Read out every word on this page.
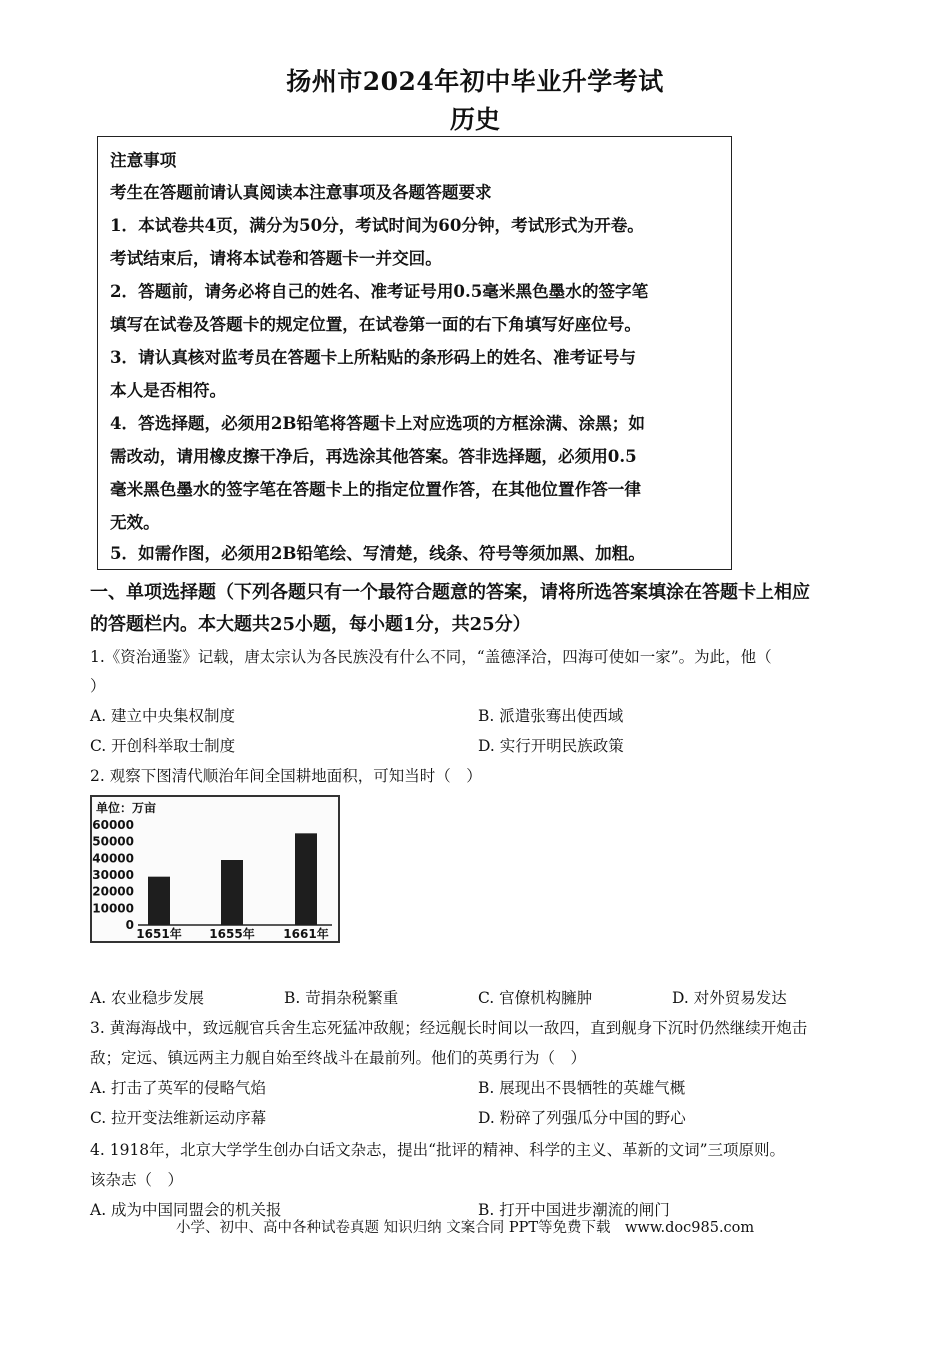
扬州市2024年初中毕业升学考试
历史
注意事项
考生在答题前请认真阅读本注意事项及各题答题要求
1．本试卷共4页，满分为50分，考试时间为60分钟，考试形式为开卷。
考试结束后，请将本试卷和答题卡一并交回。
2．答题前，请务必将自己的姓名、准考证号用0.5毫米黑色墨水的签字笔
填写在试卷及答题卡的规定位置，在试卷第一面的右下角填写好座位号。
3．请认真核对监考员在答题卡上所粘贴的条形码上的姓名、准考证号与
本人是否相符。
4．答选择题，必须用2B铅笔将答题卡上对应选项的方框涂满、涂黑；如
需改动，请用橡皮擦干净后，再选涂其他答案。答非选择题，必须用0.5
毫米黑色墨水的签字笔在答题卡上的指定位置作答，在其他位置作答一律
无效。
5．如需作图，必须用2B铅笔绘、写清楚，线条、符号等须加黑、加粗。
一、单项选择题（下列各题只有一个最符合题意的答案，请将所选答案填涂在答题卡上相应
的答题栏内。本大题共25小题，每小题1分，共25分）
1.《资治通鉴》记载，唐太宗认为各民族没有什么不同，“盖德泽洽，四海可使如一家”。为此，他（
）
A. 建立中央集权制度	B. 派遣张骞出使西域
C. 开创科举取士制度	D. 实行开明民族政策
2. 观察下图清代顺治年间全国耕地面积，可知当时（　）
单位：万亩
60000
50000
40000
30000
20000
10000
0
1651年 1655年 1661年
A. 农业稳步发展	B. 苛捐杂税繁重	C. 官僚机构臃肿	D. 对外贸易发达
3. 黄海海战中，致远舰官兵舍生忘死猛冲敌舰；经远舰长时间以一敌四，直到舰身下沉时仍然继续开炮击
敌；定远、镇远两主力舰自始至终战斗在最前列。他们的英勇行为（　）
A. 打击了英军的侵略气焰	B. 展现出不畏牺牲的英雄气概
C. 拉开变法维新运动序幕	D. 粉碎了列强瓜分中国的野心
4. 1918年，北京大学学生创办白话文杂志，提出“批评的精神、科学的主义、革新的文词”三项原则。
该杂志（　）
A. 成为中国同盟会的机关报	B. 打开中国进步潮流的闸门
小学、初中、高中各种试卷真题 知识归纳 文案合同 PPT等免费下载　www.doc985.com
